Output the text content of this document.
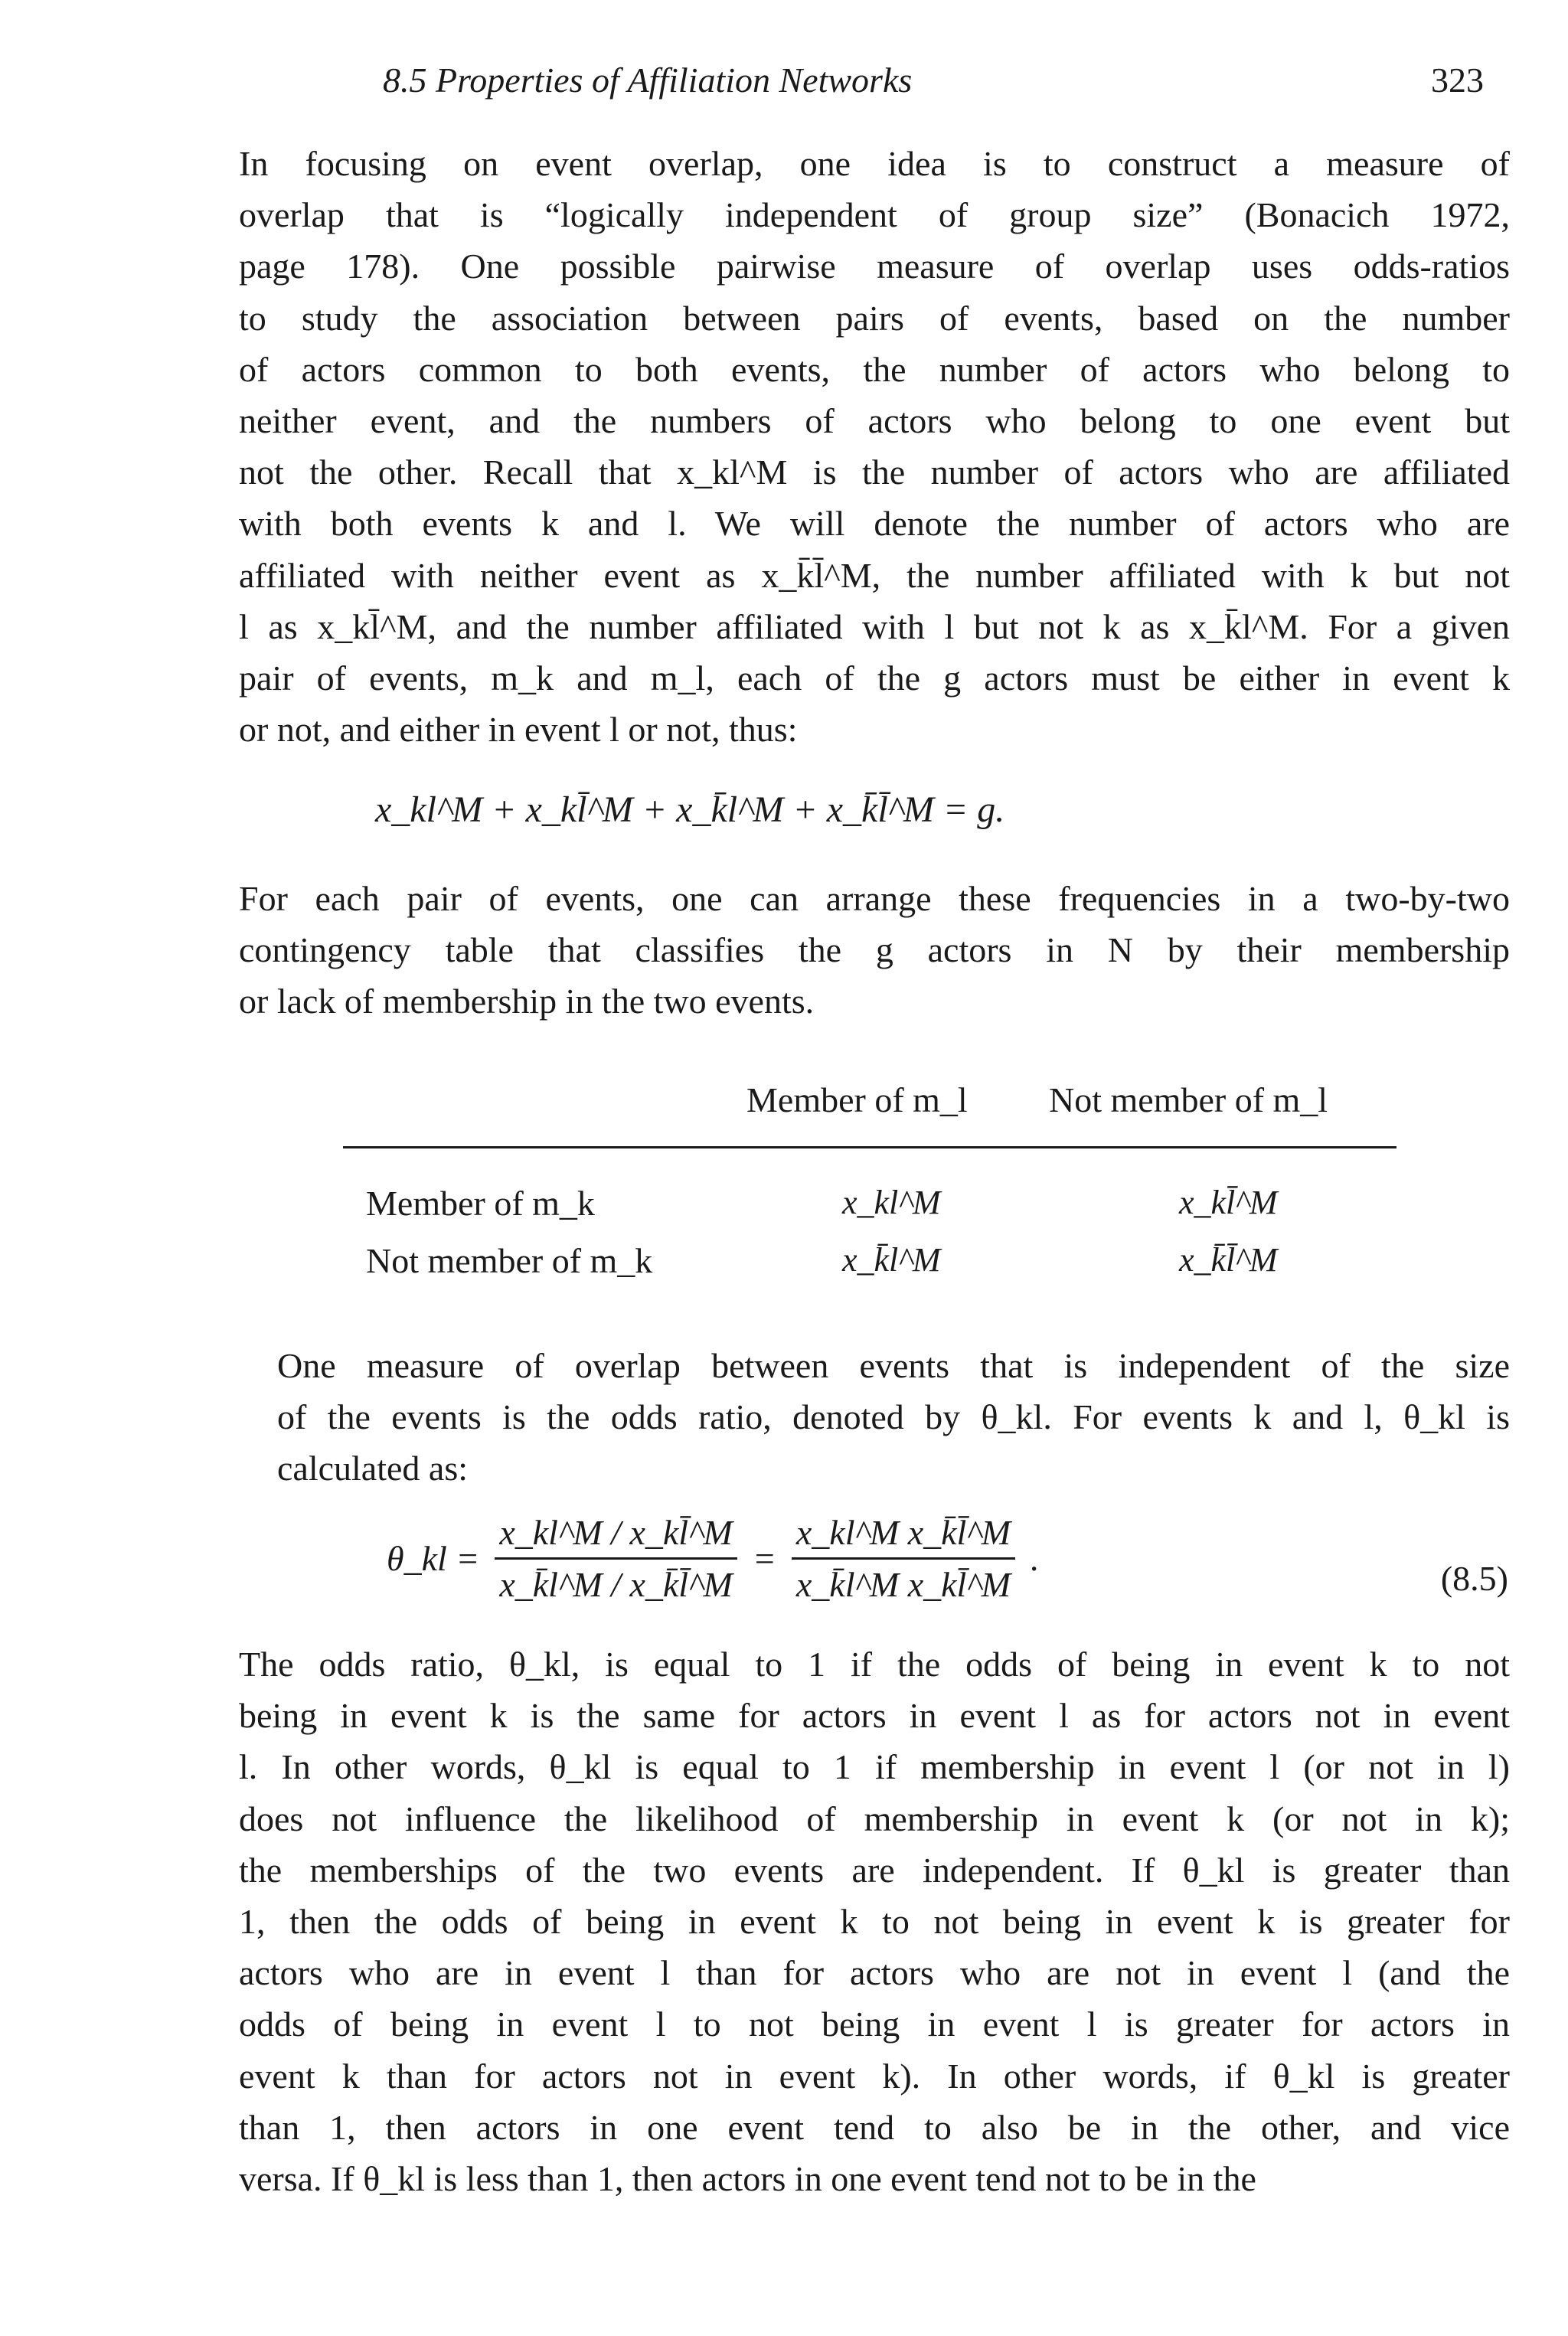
8.5 Properties of Affiliation Networks	323
In focusing on event overlap, one idea is to construct a measure of
overlap that is “logically independent of group size” (Bonacich 1972,
page 178). One possible pairwise measure of overlap uses odds-ratios
to study the association between pairs of events, based on the number
of actors common to both events, the number of actors who belong to
neither event, and the numbers of actors who belong to one event but
not the other. Recall that x_kl^M is the number of actors who are affiliated
with both events k and l. We will denote the number of actors who are
affiliated with neither event as x_k̄l̄^M, the number affiliated with k but not
l as x_kl̄^M, and the number affiliated with l but not k as x_k̄l^M. For a given
pair of events, m_k and m_l, each of the g actors must be either in event k
or not, and either in event l or not, thus:
x_kl^M + x_kl̄^M + x_k̄l^M + x_k̄l̄^M = g.
For each pair of events, one can arrange these frequencies in a two-by-two
contingency table that classifies the g actors in N by their membership
or lack of membership in the two events.
Member of m_l Not member of m_l
Member of m_k	x_kl^M	x_kl̄^M
Not member of m_k	x_k̄l^M	x_k̄l̄^M
One measure of overlap between events that is independent of the size
of the events is the odds ratio, denoted by θ_kl. For events k and l, θ_kl is
calculated as:
θ_kl = $\frac{x\_kl\^{}M / x\_kl̄\^{}M}{x\_k̄l\^{}M / x\_k̄l̄\^{}M} = \frac{\text{x\_kl\textasciicircum{}M x\_k̄l̄\textasciicircum{}M}}{\text{x\_k̄l\textasciicircum{}M x\_kl̄\textasciicircum{}M}}$ .
(8.5)
The odds ratio, θ_kl, is equal to 1 if the odds of being in event k to not
being in event k is the same for actors in event l as for actors not in event
l. In other words, θ_kl is equal to 1 if membership in event l (or not in l)
does not influence the likelihood of membership in event k (or not in k);
the memberships of the two events are independent. If θ_kl is greater than
1, then the odds of being in event k to not being in event k is greater for
actors who are in event l than for actors who are not in event l (and the
odds of being in event l to not being in event l is greater for actors in
event k than for actors not in event k). In other words, if θ_kl is greater
than 1, then actors in one event tend to also be in the other, and vice
versa. If θ_kl is less than 1, then actors in one event tend not to be in the
